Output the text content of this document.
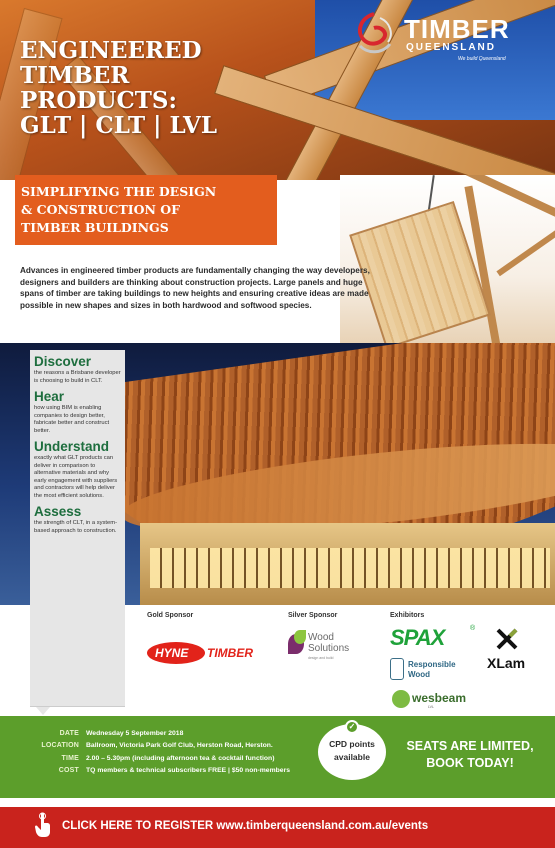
TIMBER
QUEENSLAND
We build Queensland
ENGINEERED
TIMBER
PRODUCTS:
GLT | CLT | LVL
SIMPLIFYING THE DESIGN
& CONSTRUCTION OF
TIMBER BUILDINGS

Advances in engineered timber products are fundamentally changing the way developers, designers and builders are thinking about construction projects. Large panels and huge spans of timber are taking buildings to new heights and ensuring creative ideas are made possible in new shapes and sizes in both hardwood and softwood species.

Discover

the reasons a Brisbane developer is choosing to build in CLT.

Hear

how using BIM is enabling companies to design better, fabricate better and construct better.

Understand

exactly what GLT products can deliver in comparison to alternative materials and why early engagement with suppliers and contractors will help deliver the most efficient solutions.

Assess

the strength of CLT, in a system-based approach to construction.

Gold Sponsor	Silver Sponsor	Exhibitors
HYNE TIMBER
Wood
Solutions
design and build
SPAX	®
XLam
Responsible
Wood
wesbeam
LVL
DATE	Wednesday 5 September 2018
LOCATION	Ballroom, Victoria Park Golf Club, Herston Road, Herston.
TIME	2.00 – 5.30pm (including afternoon tea & cocktail function)
COST	TQ members & technical subscribers FREE | $50 non-members
✓
CPD points
available
SEATS ARE LIMITED,
BOOK TODAY!
CLICK HERE TO REGISTER www.timberqueensland.com.au/events
